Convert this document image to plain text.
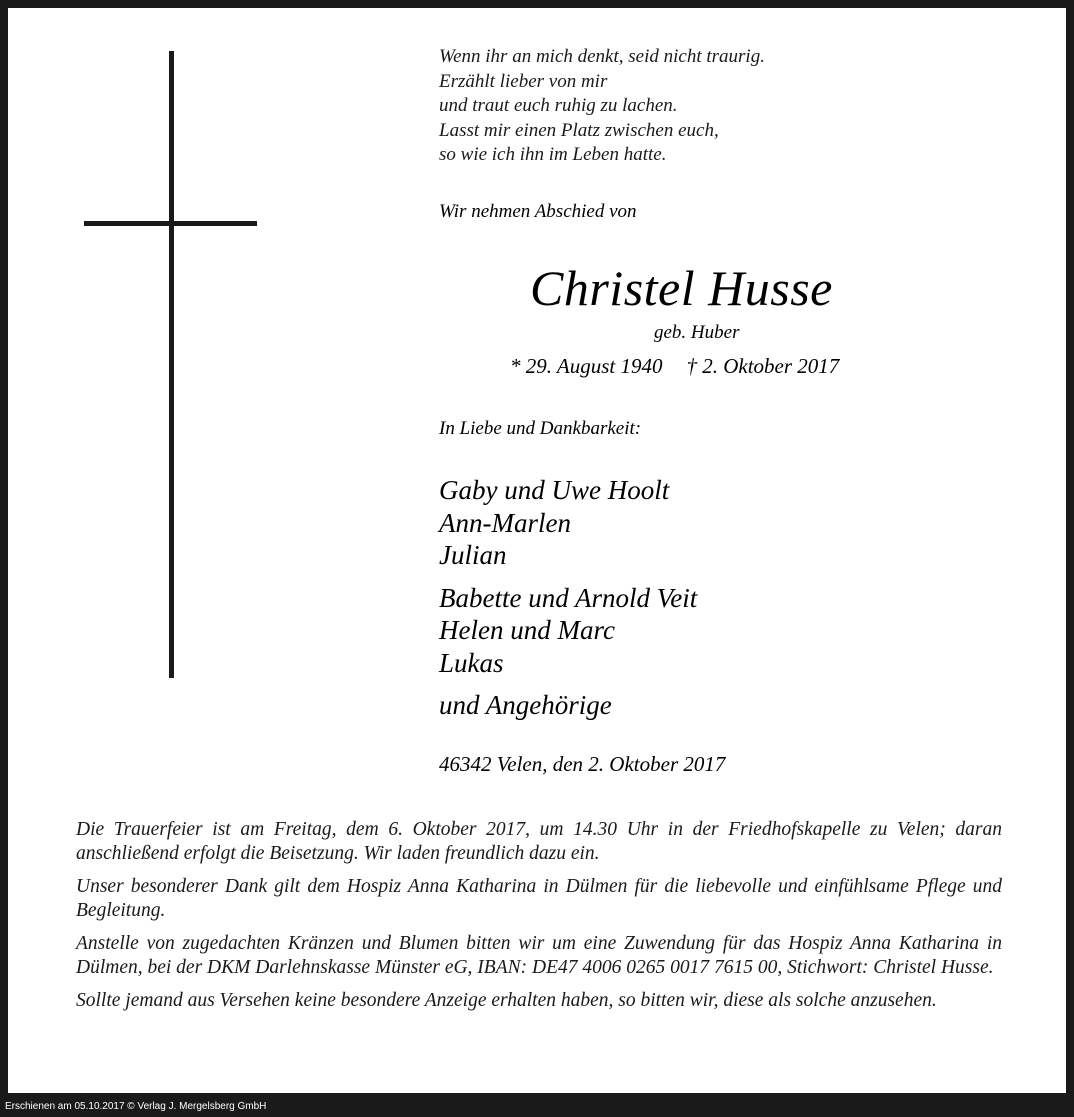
Wenn ihr an mich denkt, seid nicht traurig.
Erzählt lieber von mir
und traut euch ruhig zu lachen.
Lasst mir einen Platz zwischen euch,
so wie ich ihn im Leben hatte.
Wir nehmen Abschied von
Christel Husse
geb. Huber
* 29. August 1940 † 2. Oktober 2017
In Liebe und Dankbarkeit:
Gaby und Uwe Hoolt
Ann-Marlen
Julian
Babette und Arnold Veit
Helen und Marc
Lukas
und Angehörige
46342 Velen, den 2. Oktober 2017

Die Trauerfeier ist am Freitag, dem 6. Oktober 2017, um 14.30 Uhr in der Friedhofskapelle zu Velen; daran anschließend erfolgt die Beisetzung. Wir laden freundlich dazu ein.

Unser besonderer Dank gilt dem Hospiz Anna Katharina in Dülmen für die liebevolle und einfühlsame Pflege und Begleitung.

Anstelle von zugedachten Kränzen und Blumen bitten wir um eine Zuwendung für das Hospiz Anna Katharina in Dülmen, bei der DKM Darlehnskasse Münster eG, IBAN: DE47 4006 0265 0017 7615 00, Stichwort: Christel Husse.

Sollte jemand aus Versehen keine besondere Anzeige erhalten haben, so bitten wir, diese als solche anzusehen.

Erschienen am 05.10.2017 © Verlag J. Mergelsberg GmbH
